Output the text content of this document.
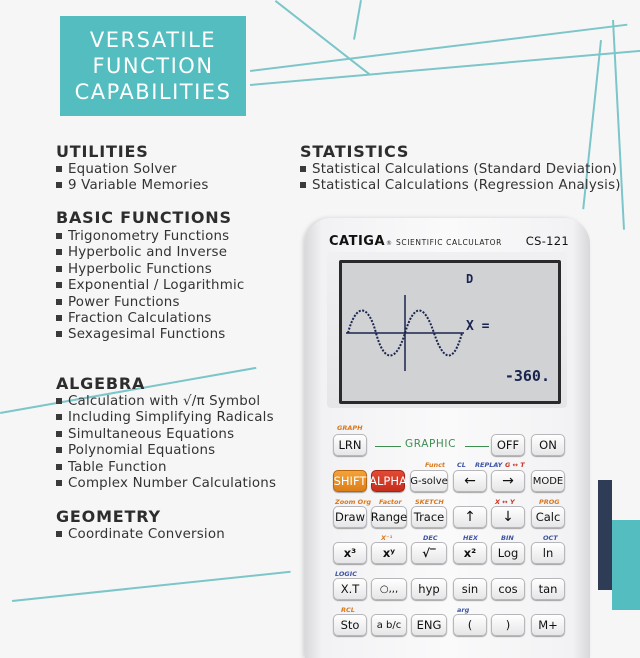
VERSATILE
FUNCTION
CAPABILITIES
UTILITIES
Equation Solver
9 Variable Memories
STATISTICS
Statistical Calculations (Standard Deviation)
Statistical Calculations (Regression Analysis)
BASIC FUNCTIONS
Trigonometry Functions
Hyperbolic and Inverse
Hyperbolic Functions
Exponential / Logarithmic
Power Functions
Fraction Calculations
Sexagesimal Functions
ALGEBRA
Calculation with √/π Symbol
Including Simplifying Radicals
Simultaneous Equations
Polynomial Equations
Table Function
Complex Number Calculations
GEOMETRY
Coordinate Conversion
CATIGA ® SCIENTIFIC CALCULATOR CS-121
D
X =
-360.
GRAPH
LRN	GRAPHIC	OFF	ON
Funct CL REPLAY G ↔ T
SHIFT ALPHA G-solve	←	→	MODE
Zoom Org Factor SKETCH	X ↔ Y	PROG
Draw Range Trace	↑	↓	Calc
X⁻¹	DEC	HEX	BIN	OCT
x³	xʸ	√‾	x²	Log	ln
LOGIC
X.T	○,,,	hyp	sin	cos	tan
RCL	arg
Sto	a b/c	ENG	(	)	M+
